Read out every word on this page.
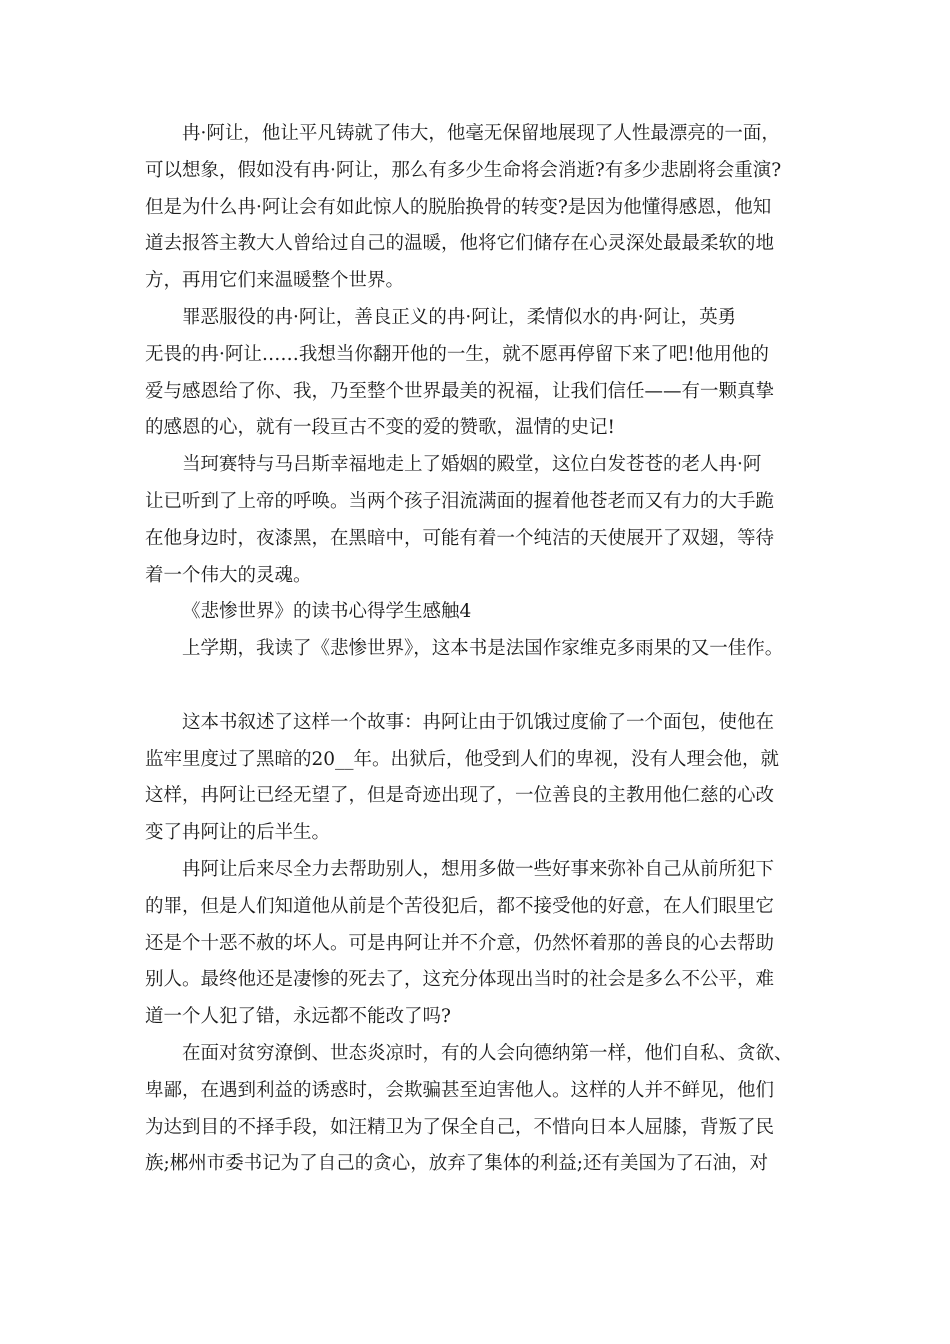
冉·阿让，他让平凡铸就了伟大，他毫无保留地展现了人性最漂亮的一面，
可以想象，假如没有冉·阿让，那么有多少生命将会消逝?有多少悲剧将会重演?
但是为什么冉·阿让会有如此惊人的脱胎换骨的转变?是因为他懂得感恩，他知
道去报答主教大人曾给过自己的温暖，他将它们储存在心灵深处最最柔软的地
方，再用它们来温暖整个世界。
罪恶服役的冉·阿让，善良正义的冉·阿让，柔情似水的冉·阿让，英勇
无畏的冉·阿让……我想当你翻开他的一生，就不愿再停留下来了吧!他用他的
爱与感恩给了你、我，乃至整个世界最美的祝福，让我们信任——有一颗真挚
的感恩的心，就有一段亘古不变的爱的赞歌，温情的史记!
当珂赛特与马吕斯幸福地走上了婚姻的殿堂，这位白发苍苍的老人冉·阿
让已听到了上帝的呼唤。当两个孩子泪流满面的握着他苍老而又有力的大手跪
在他身边时，夜漆黑，在黑暗中，可能有着一个纯洁的天使展开了双翅，等待
着一个伟大的灵魂。
《悲惨世界》的读书心得学生感触4
上学期，我读了《悲惨世界》，这本书是法国作家维克多雨果的又一佳作。
这本书叙述了这样一个故事：冉阿让由于饥饿过度偷了一个面包，使他在
监牢里度过了黑暗的20__年。出狱后，他受到人们的卑视，没有人理会他，就
这样，冉阿让已经无望了，但是奇迹出现了，一位善良的主教用他仁慈的心改
变了冉阿让的后半生。
冉阿让后来尽全力去帮助别人，想用多做一些好事来弥补自己从前所犯下
的罪，但是人们知道他从前是个苦役犯后，都不接受他的好意，在人们眼里它
还是个十恶不赦的坏人。可是冉阿让并不介意，仍然怀着那的善良的心去帮助
别人。最终他还是凄惨的死去了，这充分体现出当时的社会是多么不公平，难
道一个人犯了错，永远都不能改了吗?
在面对贫穷潦倒、世态炎凉时，有的人会向德纳第一样，他们自私、贪欲、
卑鄙，在遇到利益的诱惑时，会欺骗甚至迫害他人。这样的人并不鲜见，他们
为达到目的不择手段，如汪精卫为了保全自己，不惜向日本人屈膝，背叛了民
族;郴州市委书记为了自己的贪心，放弃了集体的利益;还有美国为了石油，对
